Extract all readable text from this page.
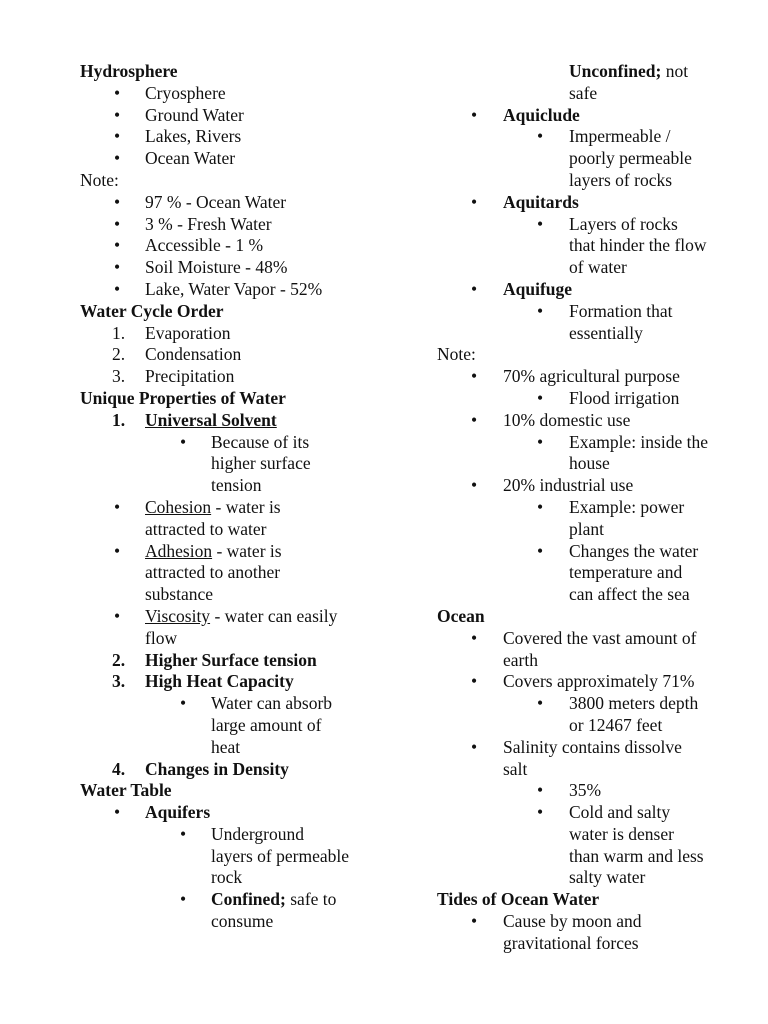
Hydrosphere
• Cryosphere
• Ground Water
• Lakes, Rivers
• Ocean Water
Note:
• 97 % - Ocean Water
• 3 % - Fresh Water
• Accessible - 1 %
• Soil Moisture - 48%
• Lake, Water Vapor - 52%
Water Cycle Order
1. Evaporation
2. Condensation
3. Precipitation
Unique Properties of Water
1. Universal Solvent
• Because of its
higher surface
tension
• Cohesion - water is
attracted to water
• Adhesion - water is
attracted to another
substance
• Viscosity - water can easily
flow
2. Higher Surface tension
3. High Heat Capacity
• Water can absorb
large amount of
heat
4. Changes in Density
Water Table
• Aquifers
• Underground
layers of permeable
rock
• Confined; safe to
consume
Unconfined; not
safe
• Aquiclude
• Impermeable /
poorly permeable
layers of rocks
• Aquitards
• Layers of rocks
that hinder the flow
of water
• Aquifuge
• Formation that
essentially
Note:
• 70% agricultural purpose
• Flood irrigation
• 10% domestic use
• Example: inside the
house
• 20% industrial use
• Example: power
plant
• Changes the water
temperature and
can affect the sea
Ocean
• Covered the vast amount of
earth
• Covers approximately 71%
• 3800 meters depth
or 12467 feet
• Salinity contains dissolve
salt
• 35%
• Cold and salty
water is denser
than warm and less
salty water
Tides of Ocean Water
• Cause by moon and
gravitational forces
